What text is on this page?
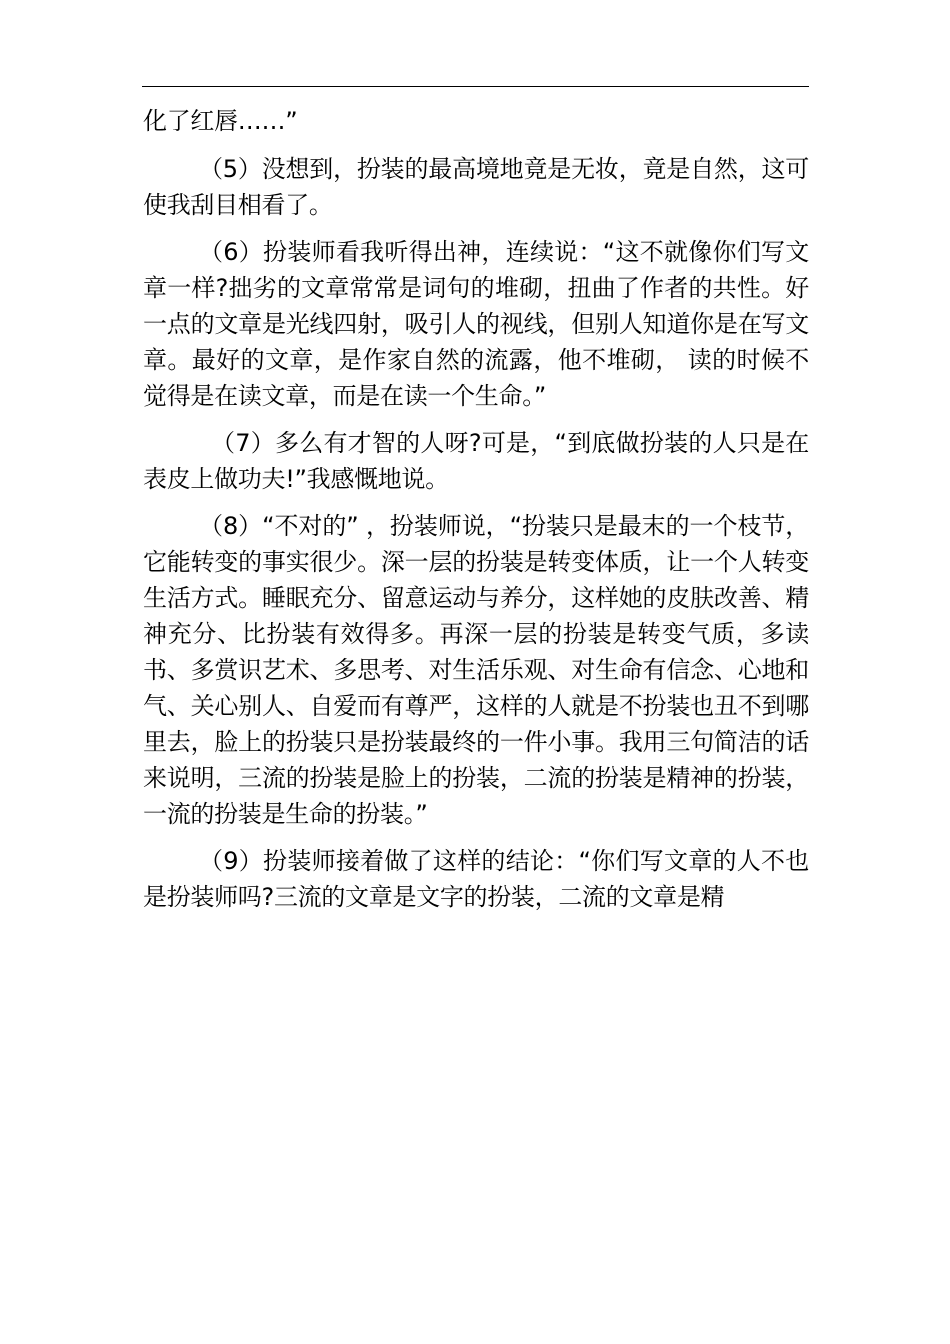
化了红唇……”

（5）没想到，扮装的最高境地竟是无妆，竟是自然，这可使我刮目相看了。

（6）扮装师看我听得出神，连续说：“这不就像你们写文章一样?拙劣的文章常常是词句的堆砌，扭曲了作者的共性。好一点的文章是光线四射，吸引人的视线，但别人知道你是在写文章。最好的文章，是作家自然的流露，他不堆砌， 读的时候不觉得是在读文章，而是在读一个生命。”

（7）多么有才智的人呀?可是，“到底做扮装的人只是在表皮上做功夫!”我感慨地说。

（8）“不对的” ，扮装师说，“扮装只是最末的一个枝节，它能转变的事实很少。深一层的扮装是转变体质，让一个人转变生活方式。睡眠充分、留意运动与养分，这样她的皮肤改善、精神充分、比扮装有效得多。再深一层的扮装是转变气质，多读书、多赏识艺术、多思考、对生活乐观、对生命有信念、心地和气、关心别人、自爱而有尊严，这样的人就是不扮装也丑不到哪里去，脸上的扮装只是扮装最终的一件小事。我用三句简洁的话来说明，三流的扮装是脸上的扮装，二流的扮装是精神的扮装，一流的扮装是生命的扮装。”

（9）扮装师接着做了这样的结论：“你们写文章的人不也是扮装师吗?三流的文章是文字的扮装，二流的文章是精
